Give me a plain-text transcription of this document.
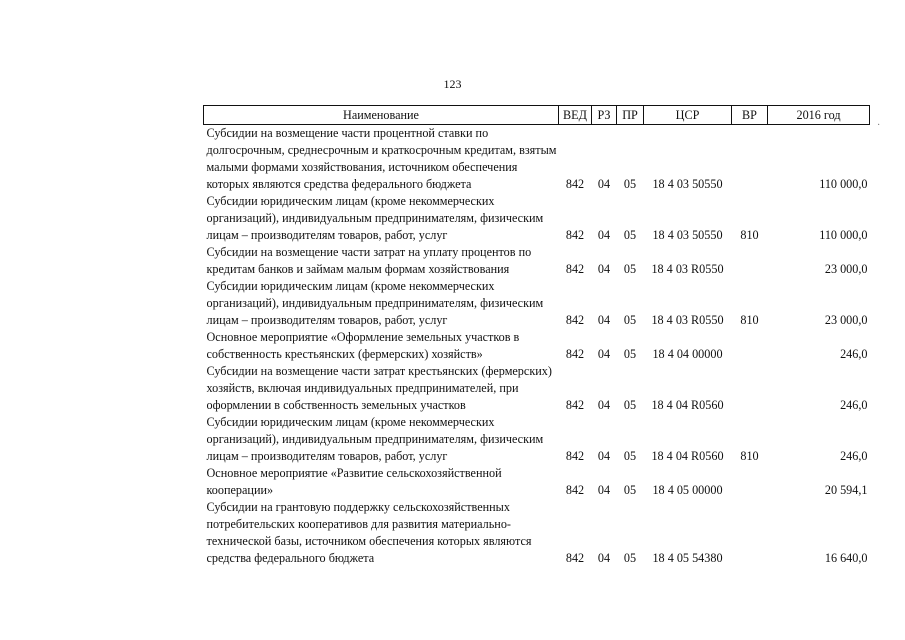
123
·
Наименование	ВЕД	РЗ	ПР	ЦСР	ВР	2016 год
Субсидии на возмещение части процентной ставки по долгосрочным, среднесрочным и краткосрочным кредитам, взятым малыми формами хозяйствования, источником обеспечения которых являются средства федерального бюджета	842	04	05	18 4 03 50550		110 000,0
Субсидии юридическим лицам (кроме некоммерческих организаций), индивидуальным предпринимателям, физическим лицам – производителям товаров, работ, услуг	842	04	05	18 4 03 50550	810	110 000,0
Субсидии на возмещение части затрат на уплату процентов по кредитам банков и займам малым формам хозяйствования	842	04	05	18 4 03 R0550		23 000,0
Субсидии юридическим лицам (кроме некоммерческих организаций), индивидуальным предпринимателям, физическим лицам – производителям товаров, работ, услуг	842	04	05	18 4 03 R0550	810	23 000,0
Основное мероприятие «Оформление земельных участков в собственность крестьянских (фермерских) хозяйств»	842	04	05	18 4 04 00000		246,0
Субсидии на возмещение части затрат крестьянских (фермерских) хозяйств, включая индивидуальных предпринимателей, при оформлении в собственность земельных участков	842	04	05	18 4 04 R0560		246,0
Субсидии юридическим лицам (кроме некоммерческих организаций), индивидуальным предпринимателям, физическим лицам – производителям товаров, работ, услуг	842	04	05	18 4 04 R0560	810	246,0
Основное мероприятие «Развитие сельскохозяйственной кооперации»	842	04	05	18 4 05 00000		20 594,1
Субсидии на грантовую поддержку сельскохозяйственных потребительских кооперативов для развития материально-технической базы, источником обеспечения которых являются средства федерального бюджета	842	04	05	18 4 05 54380		16 640,0
